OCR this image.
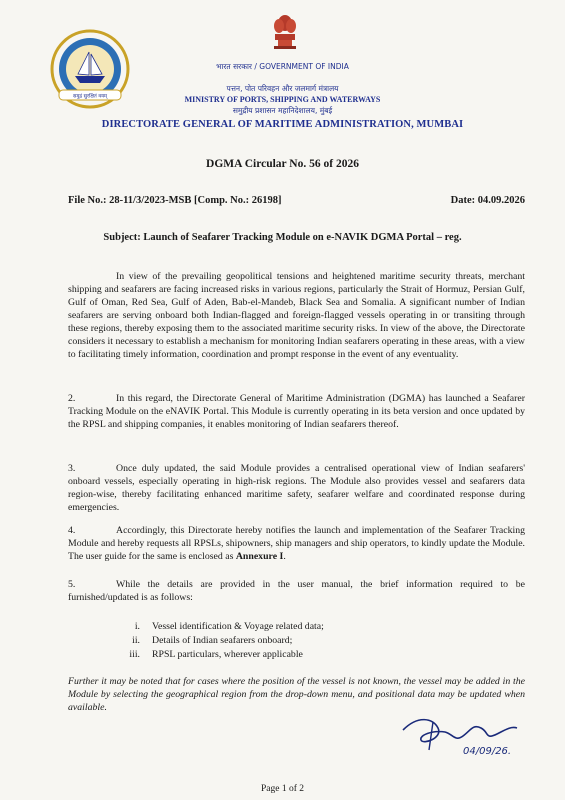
समुद्रं सुरक्षितं वयम्
भारत सरकार / GOVERNMENT OF INDIA
पत्तन, पोत परिवहन और जलमार्ग मंत्रालय
MINISTRY OF PORTS, SHIPPING AND WATERWAYS
समुद्रीय प्रशासन महानिदेशालय, मुंबई
DIRECTORATE GENERAL OF MARITIME ADMINISTRATION, MUMBAI
DGMA Circular No. 56 of 2026
File No.: 28-11/3/2023-MSB [Comp. No.: 26198]	Date: 04.09.2026
Subject: Launch of Seafarer Tracking Module on e-NAVIK DGMA Portal – reg.
In view of the prevailing geopolitical tensions and heightened maritime security threats, merchant shipping and seafarers are facing increased risks in various regions, particularly the Strait of Hormuz, Persian Gulf, Gulf of Oman, Red Sea, Gulf of Aden, Bab-el-Mandeb, Black Sea and Somalia. A significant number of Indian seafarers are serving onboard both Indian-flagged and foreign-flagged vessels operating in or transiting through these regions, thereby exposing them to the associated maritime security risks. In view of the above, the Directorate considers it necessary to establish a mechanism for monitoring Indian seafarers operating in these areas, with a view to facilitating timely information, coordination and prompt response in the event of any eventuality.
2.	In this regard, the Directorate General of Maritime Administration (DGMA) has launched a Seafarer Tracking Module on the eNAVIK Portal. This Module is currently operating in its beta version and once updated by the RPSL and shipping companies, it enables monitoring of Indian seafarers thereof.
3.	Once duly updated, the said Module provides a centralised operational view of Indian seafarers' onboard vessels, especially operating in high-risk regions. The Module also provides vessel and seafarers data region-wise, thereby facilitating enhanced maritime safety, seafarer welfare and coordinated response during emergencies.
4.	Accordingly, this Directorate hereby notifies the launch and implementation of the Seafarer Tracking Module and hereby requests all RPSLs, shipowners, ship managers and ship operators, to kindly update the Module. The user guide for the same is enclosed as Annexure I.
5.	While the details are provided in the user manual, the brief information required to be furnished/updated is as follows:
i. Vessel identification & Voyage related data;
ii. Details of Indian seafarers onboard;
iii. RPSL particulars, wherever applicable
Further it may be noted that for cases where the position of the vessel is not known, the vessel may be added in the Module by selecting the geographical region from the drop-down menu, and positional data may be updated when available.
04/09/26.
Page 1 of 2
